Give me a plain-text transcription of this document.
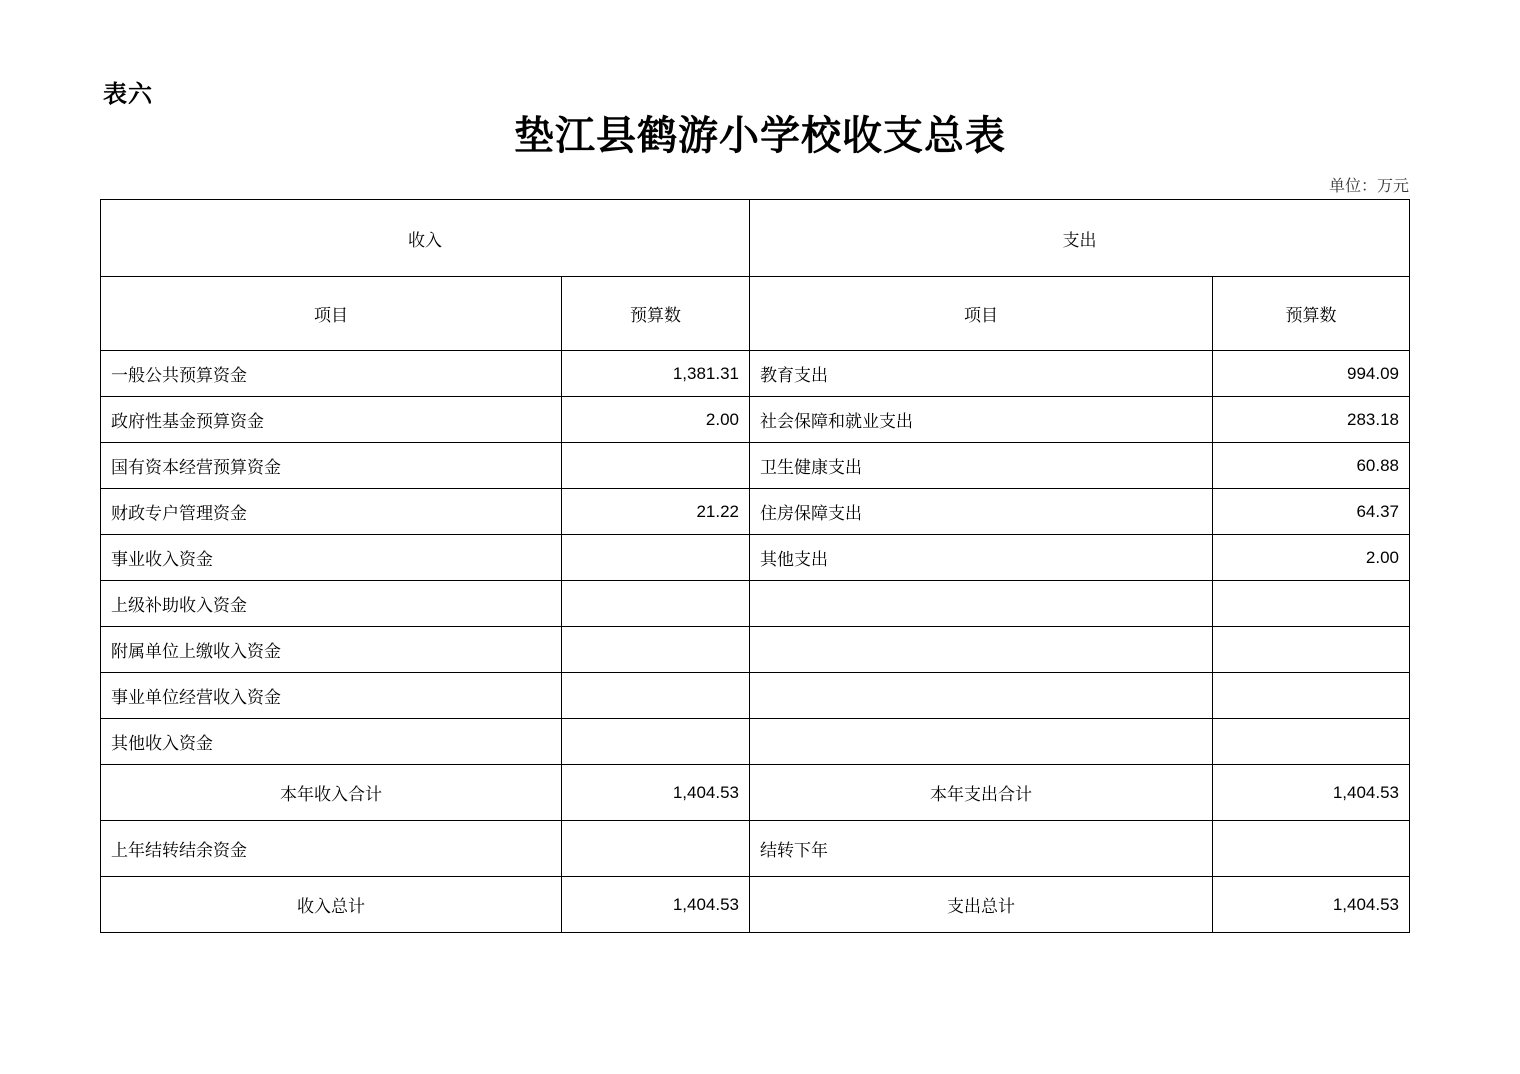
表六
垫江县鹤游小学校收支总表
单位：万元
收入		支出	
项目	预算数	项目	预算数
一般公共预算资金	1,381.31	教育支出	994.09
政府性基金预算资金	2.00	社会保障和就业支出	283.18
国有资本经营预算资金		卫生健康支出	60.88
财政专户管理资金	21.22	住房保障支出	64.37
事业收入资金		其他支出	2.00
上级补助收入资金			
附属单位上缴收入资金			
事业单位经营收入资金			
其他收入资金			
本年收入合计	1,404.53	本年支出合计	1,404.53
上年结转结余资金		结转下年	
收入总计	1,404.53	支出总计	1,404.53
